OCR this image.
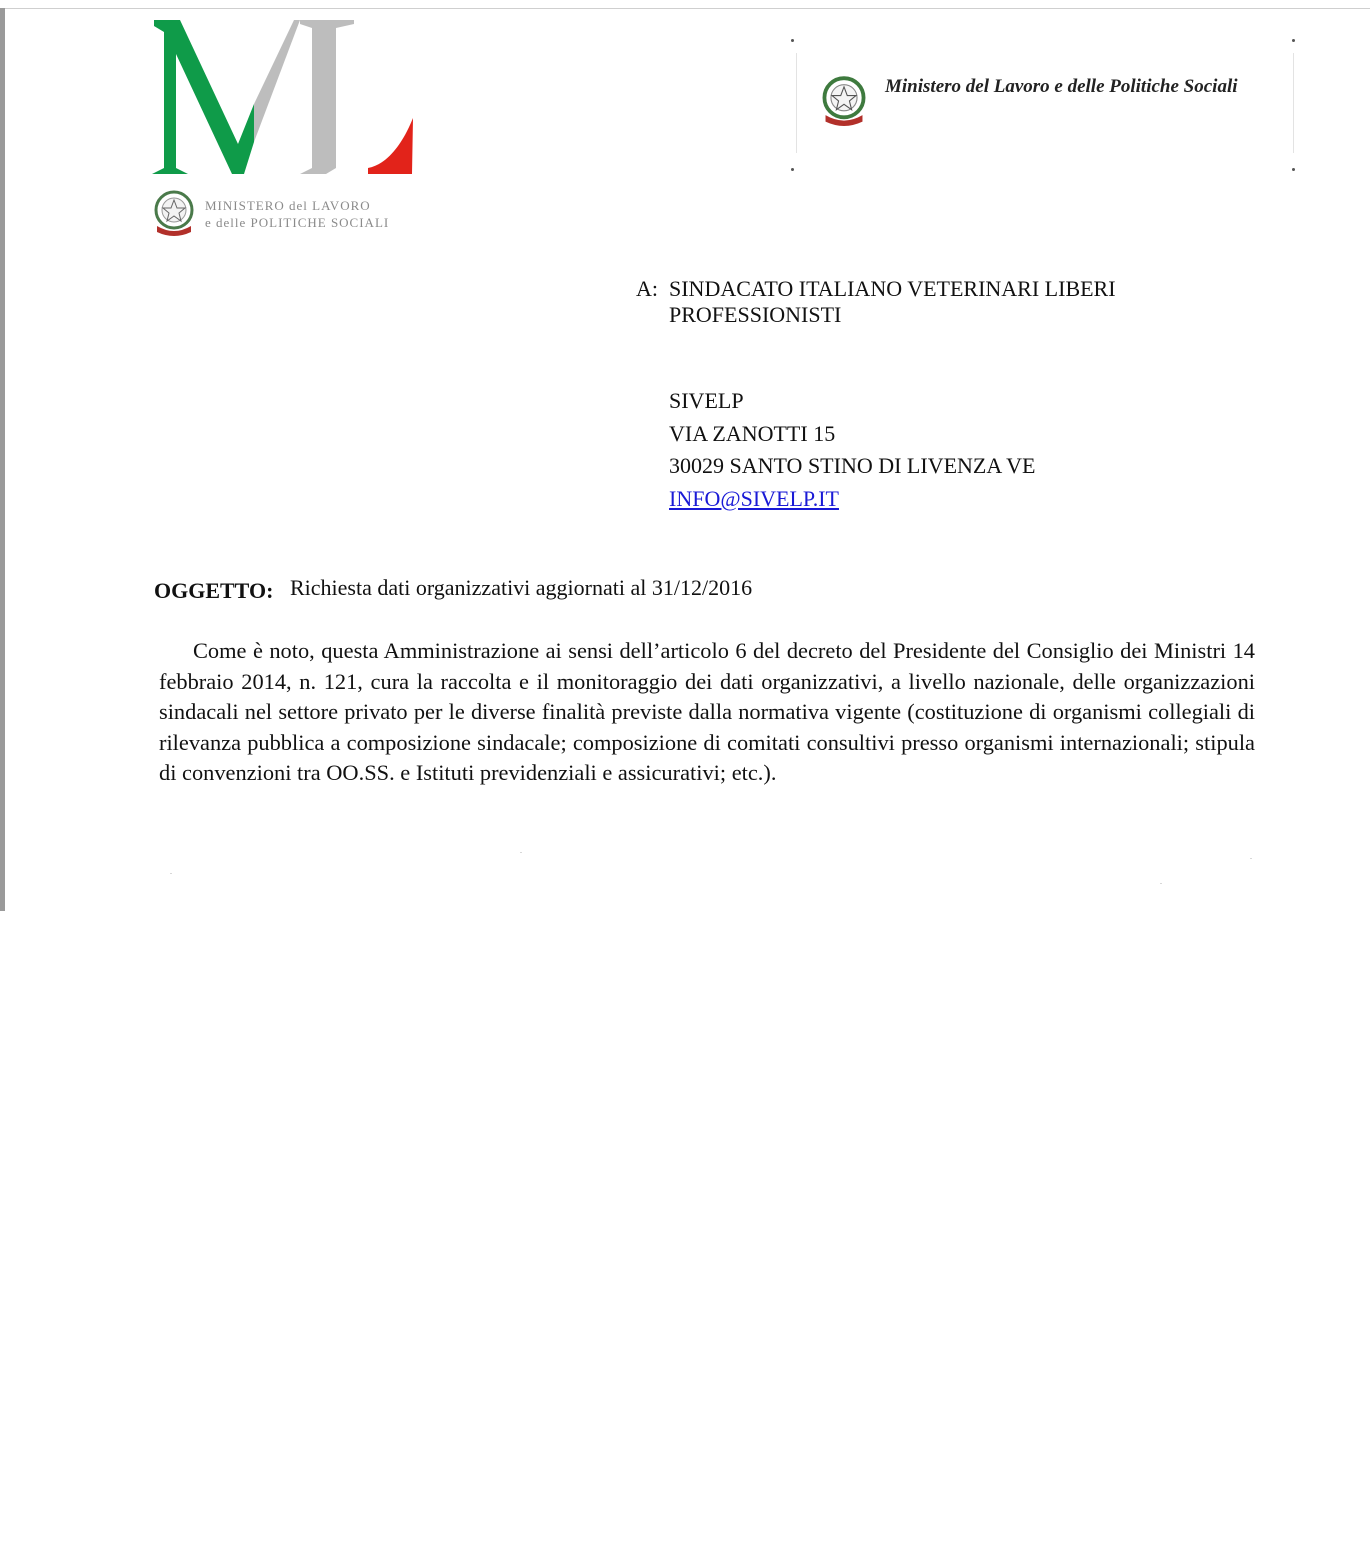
MINISTERO del LAVORO
e delle POLITICHE SOCIALI
Ministero del Lavoro e delle Politiche Sociali
A: SINDACATO ITALIANO VETERINARI LIBERI
PROFESSIONISTI
SIVELP
VIA ZANOTTI 15
30029 SANTO STINO DI LIVENZA VE
INFO@SIVELP.IT
OGGETTO: Richiesta dati organizzativi aggiornati al 31/12/2016

Come è noto, questa Amministrazione ai sensi dell’articolo 6 del decreto del Presidente del Consiglio dei Ministri 14 febbraio 2014, n. 121, cura la raccolta e il monitoraggio dei dati organizzativi, a livello nazionale, delle organizzazioni sindacali nel settore privato per le diverse finalità previste dalla normativa vigente (costituzione di organismi collegiali di rilevanza pubblica a composizione sindacale; composizione di comitati consultivi presso organismi internazionali; stipula di convenzioni tra OO.SS. e Istituti previdenziali e assicurativi; etc.).
